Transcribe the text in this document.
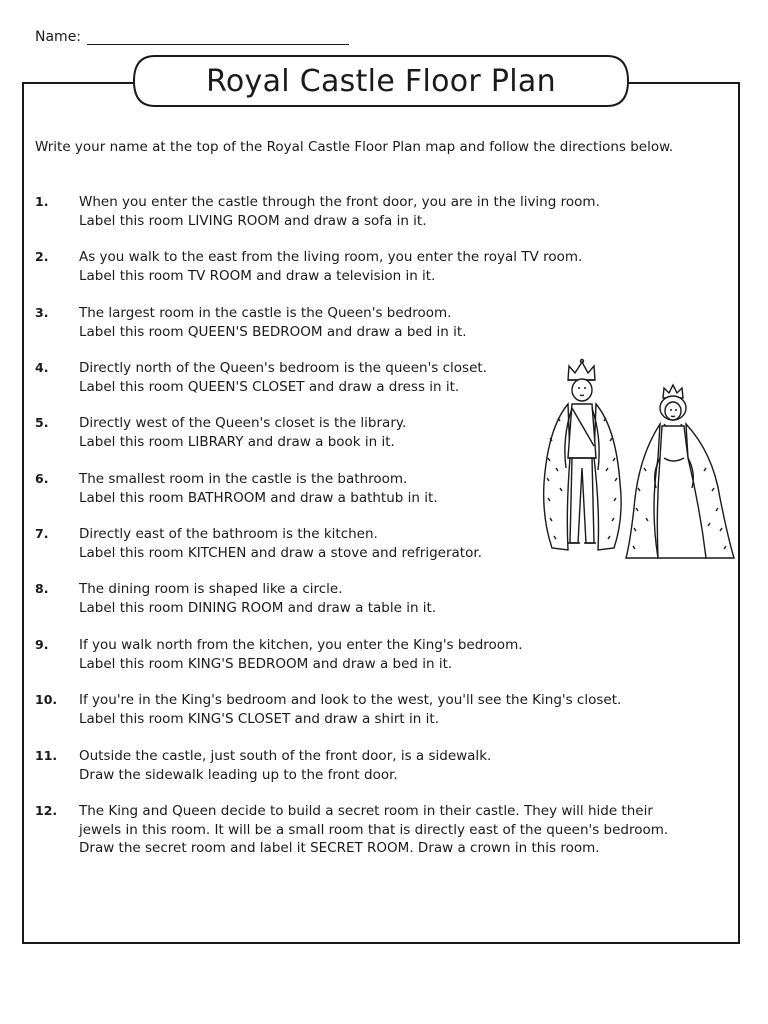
Name:
Royal Castle Floor Plan
Write your name at the top of the Royal Castle Floor Plan map and follow the directions below.
1. When you enter the castle through the front door, you are in the living room.
Label this room LIVING ROOM and draw a sofa in it.
2. As you walk to the east from the living room, you enter the royal TV room.
Label this room TV ROOM and draw a television in it.
3. The largest room in the castle is the Queen's bedroom.
Label this room QUEEN'S BEDROOM and draw a bed in it.
4. Directly north of the Queen's bedroom is the queen's closet.
Label this room QUEEN'S CLOSET and draw a dress in it.
5. Directly west of the Queen's closet is the library.
Label this room LIBRARY and draw a book in it.
6. The smallest room in the castle is the bathroom.
Label this room BATHROOM and draw a bathtub in it.
7. Directly east of the bathroom is the kitchen.
Label this room KITCHEN and draw a stove and refrigerator.
8. The dining room is shaped like a circle.
Label this room DINING ROOM and draw a table in it.
9. If you walk north from the kitchen, you enter the King's bedroom.
Label this room KING'S BEDROOM and draw a bed in it.
10. If you're in the King's bedroom and look to the west, you'll see the King's closet.
Label this room KING'S CLOSET and draw a shirt in it.
11. Outside the castle, just south of the front door, is a sidewalk.
Draw the sidewalk leading up to the front door.
12. The King and Queen decide to build a secret room in their castle. They will hide their
jewels in this room. It will be a small room that is directly east of the queen's bedroom.
Draw the secret room and label it SECRET ROOM. Draw a crown in this room.
